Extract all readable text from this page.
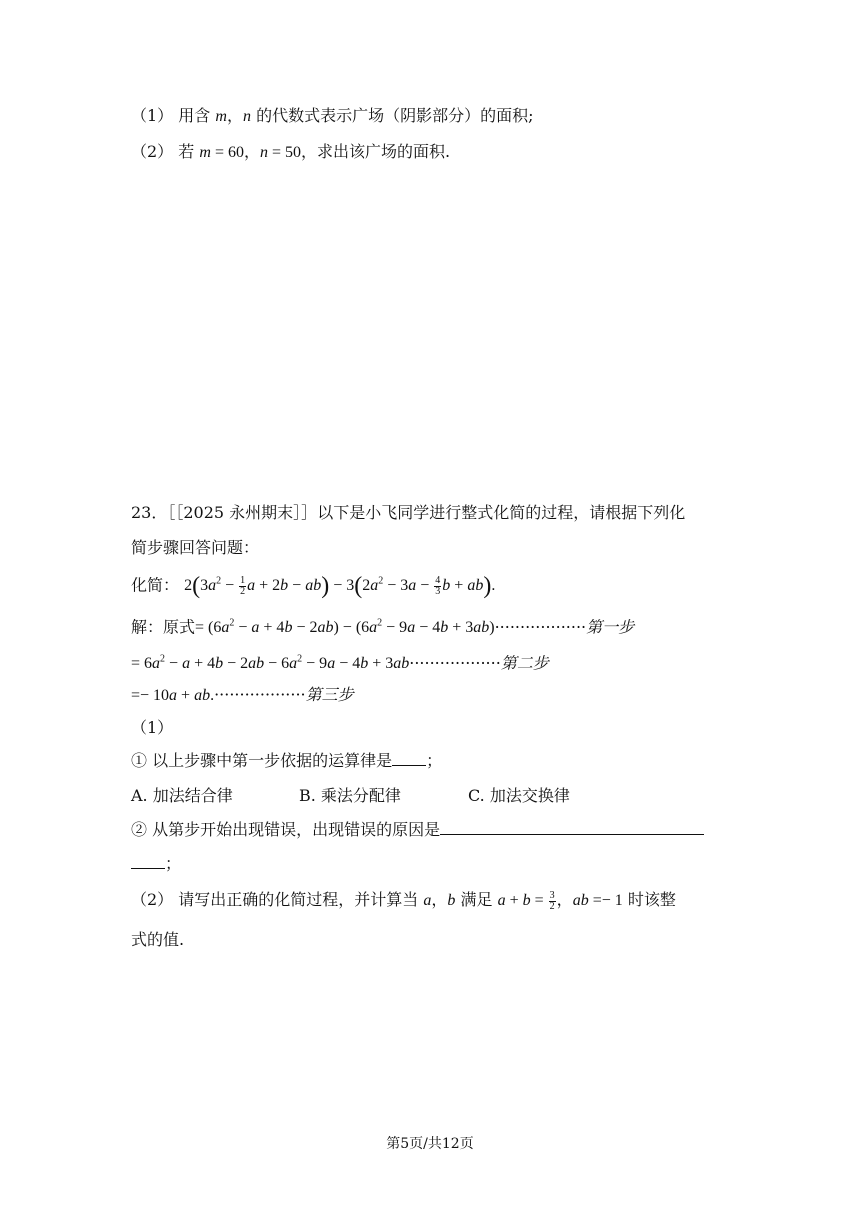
（1） 用含 m，n 的代数式表示广场（阴影部分）的面积;
（2） 若 m = 60，n = 50，求出该广场的面积.
23．［［2025 永州期末］］以下是小飞同学进行整式化简的过程，请根据下列化
简步骤回答问题：
化简： $2(3a^2 - \frac{1}{2}$ $a + 2b - ab) - 3(2a^2 - 3a - \frac{4}{3}$ b + ab).
解：原式= $(6a^2 - a + 4b - 2ab) - (6a^2 - 9a - 4b + 3ab)\cdot\cdot\cdot\cdot\cdot\cdot\cdot\cdot\cdot\cdot\cdot\cdot\cdot\cdot\cdot\cdot\cdot\cdot$第一步
= $6a^2 - a + 4b - 2ab - 6a^2 - 9a - 4b + 3ab\cdot\cdot\cdot\cdot\cdot\cdot\cdot\cdot\cdot\cdot\cdot\cdot\cdot\cdot\cdot\cdot\cdot\cdot$第二步
=− 10a + ab.··················第三步
（1）
① 以上步骤中第一步依据的运算律是 ；
A. 加法结合律	B. 乘法分配律	C. 加法交换律
② 从第步开始出现错误，出现错误的原因是
；
（2） 请写出正确的化简过程，并计算当 a，b 满足 $a + b = \frac{3}{2}$ ，ab =− 1 时该整
式的值.
第5页/共12页
